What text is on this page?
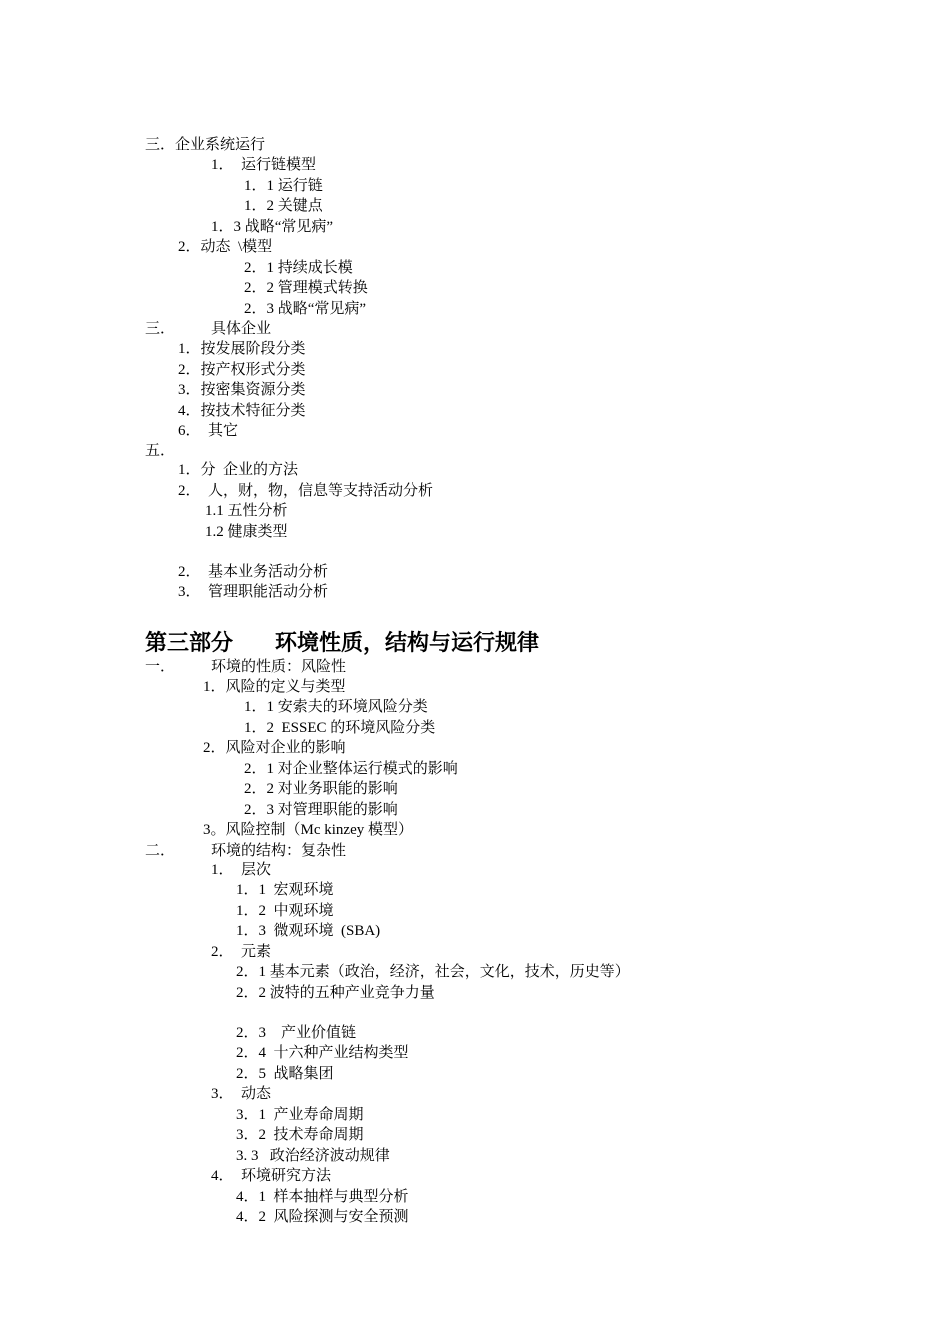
三．企业系统运行
1．  运行链模型
1．1 运行链
1．2 关键点
1．3 战略“常见病”
2．动态  \模型
2．1 持续成长模
2．2 管理模式转换
2．3 战略“常见病”
三． 具体企业
1．按发展阶段分类
2．按产权形式分类
3．按密集资源分类
4．按技术特征分类
6．  其它
五．
1．分  企业的方法
2．  人，财，物，信息等支持活动分析
1.1 五性分析
1.2 健康类型
2．  基本业务活动分析
3．  管理职能活动分析
第三部分 环境性质，结构与运行规律
一． 环境的性质：风险性
1．风险的定义与类型
1．1 安索夫的环境风险分类
1．2  ESSEC 的环境风险分类
2．风险对企业的影响
2．1 对企业整体运行模式的影响
2．2 对业务职能的影响
2．3 对管理职能的影响
3。风险控制（Mc kinzey 模型）
二． 环境的结构：复杂性
1．  层次
1．1  宏观环境
1．2  中观环境
1．3  微观环境  (SBA)
2．  元素
2．1 基本元素（政治，经济，社会，文化，技术，历史等）
2．2 波特的五种产业竞争力量
2．3    产业价值链
2．4  十六种产业结构类型
2．5  战略集团
3．  动态
3．1  产业寿命周期
3．2  技术寿命周期
3. 3   政治经济波动规律
4．  环境研究方法
4．1  样本抽样与典型分析
4．2  风险探测与安全预测
